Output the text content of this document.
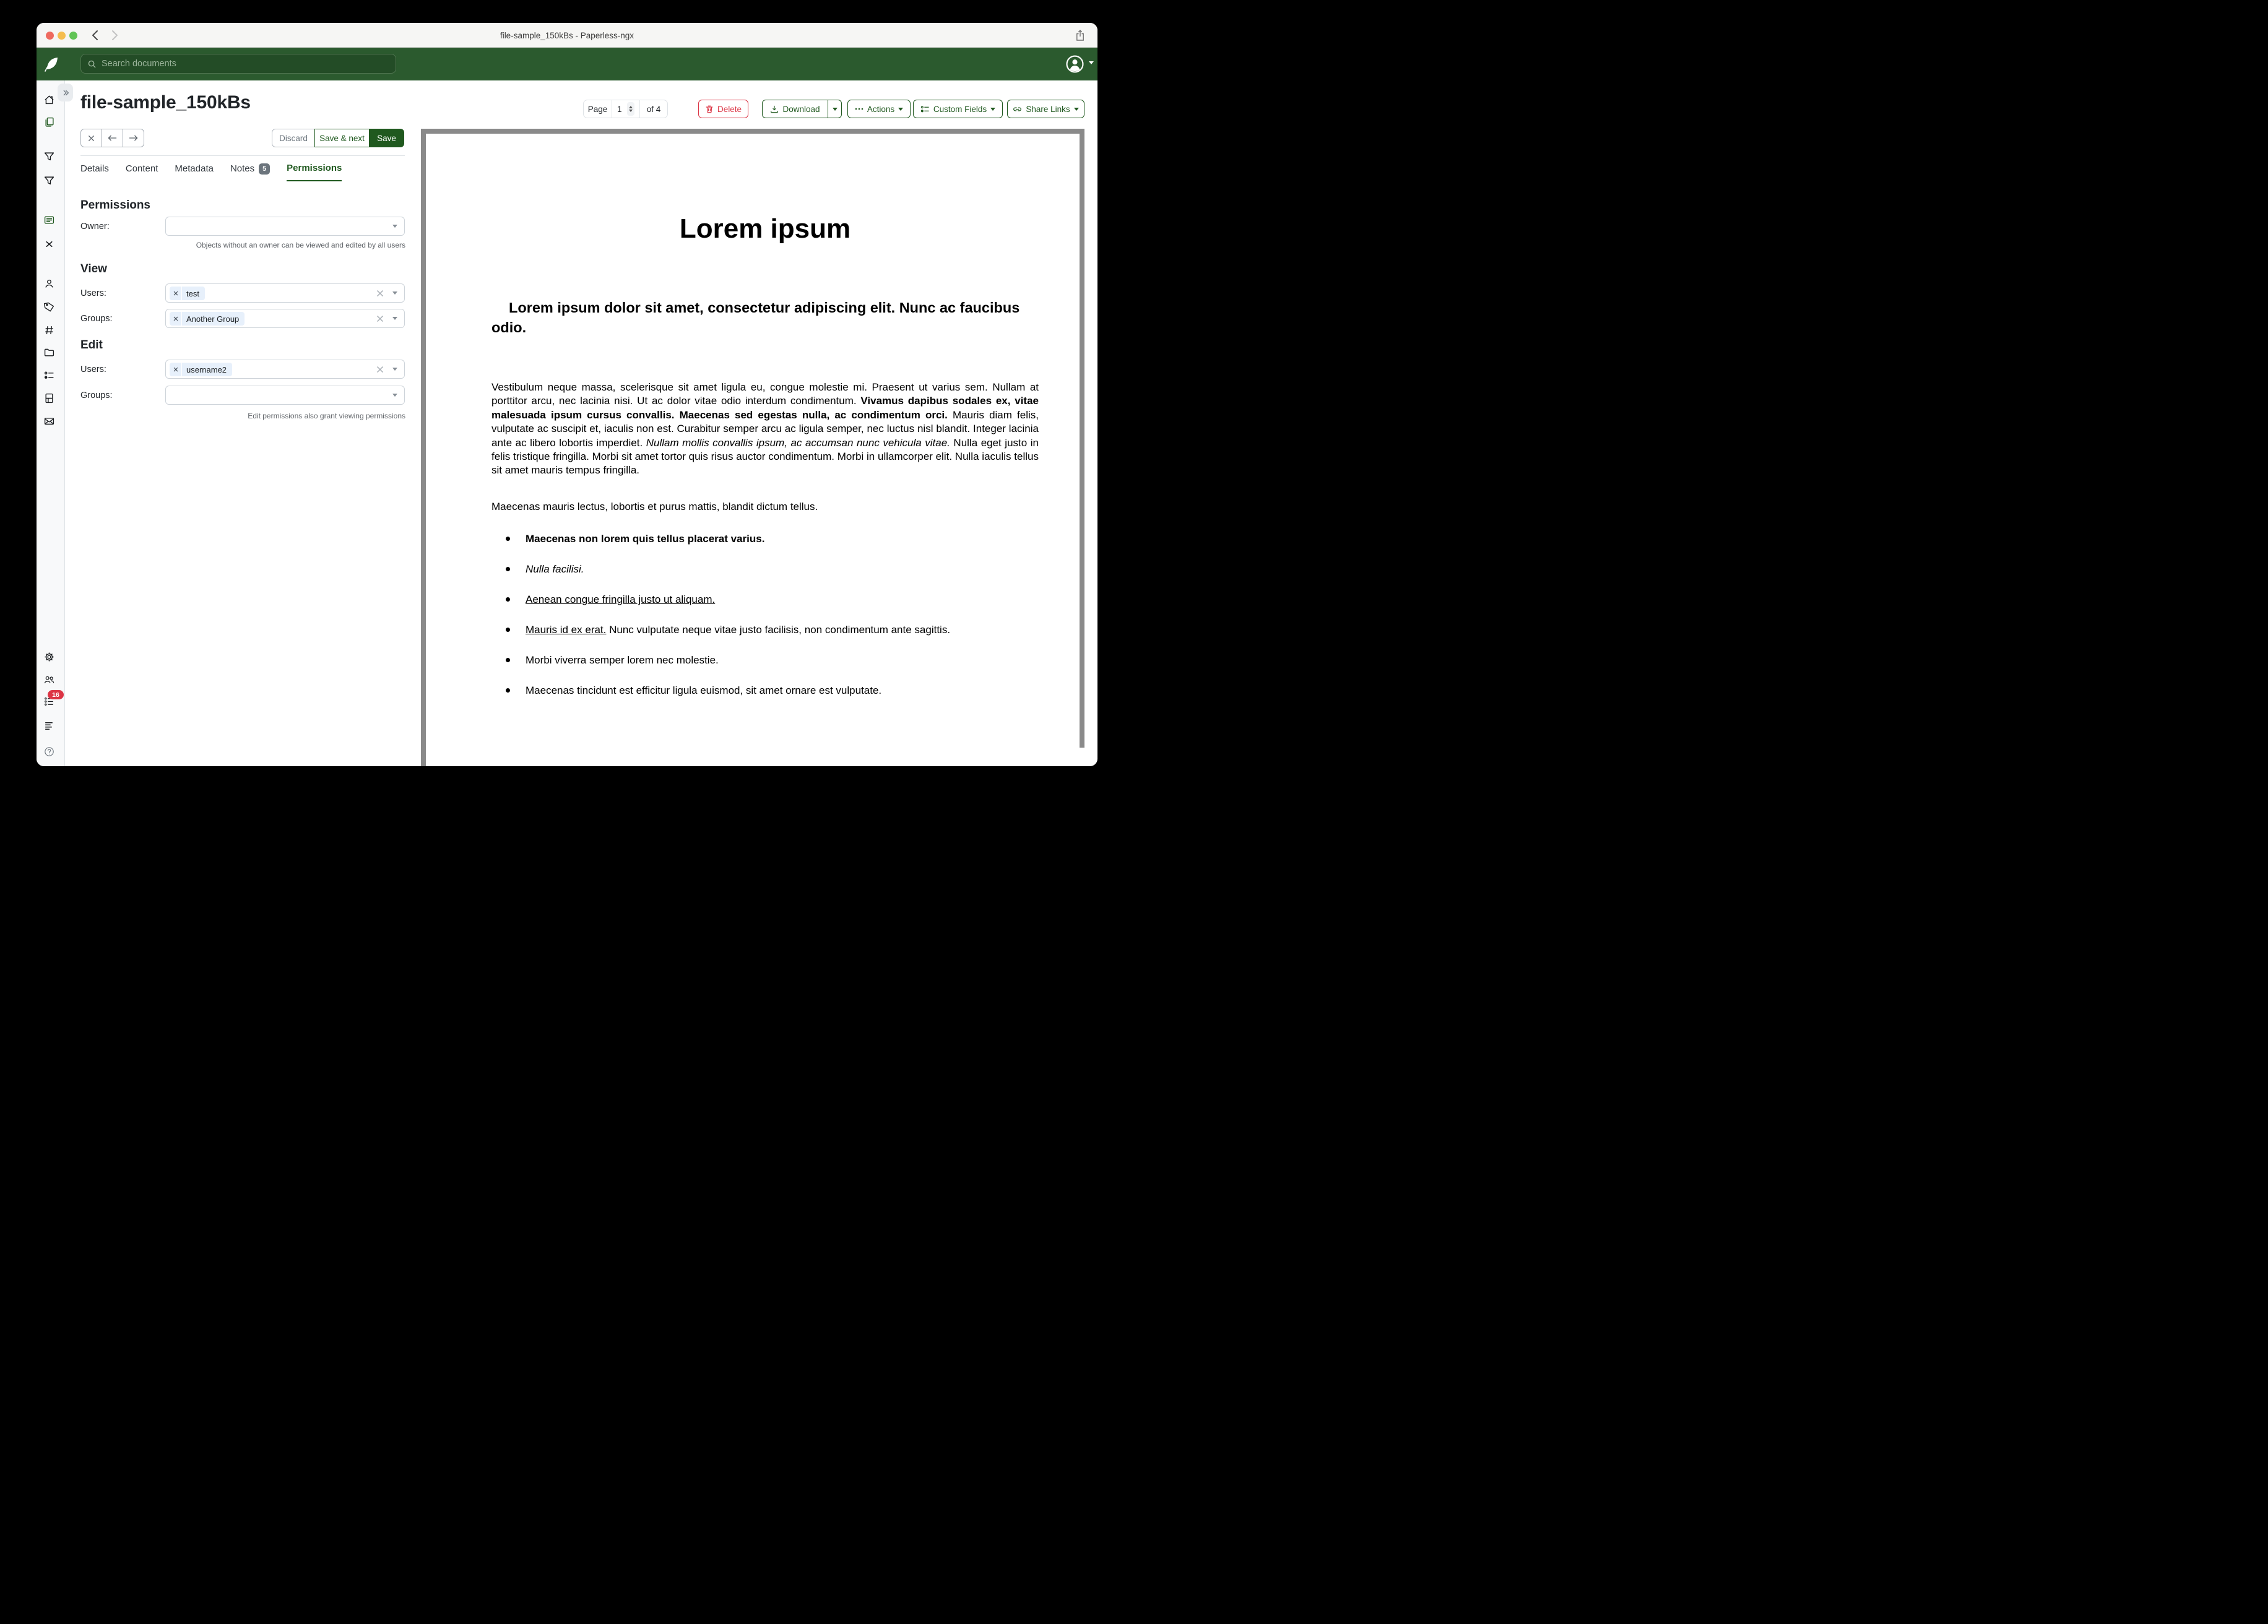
file-sample_150kBs - Paperless-ngx
Search documents
16
file-sample_150kBs	Page
1	of 4	Delete	Download	Actions	Custom Fields	Share Links
Discard Save & next Save
Details Content Metadata Notes	5	Permissions
Permissions
Owner:
Objects without an owner can be viewed and edited by all users
View
Users:	test
Groups:	Another Group
Edit
Users:	username2
Groups:
Edit permissions also grant viewing permissions
Lorem ipsum
Lorem ipsum dolor sit amet, consectetur adipiscing elit. Nunc ac faucibus odio.

Vestibulum neque massa, scelerisque sit amet ligula eu, congue molestie mi. Praesent ut varius sem. Nullam at porttitor arcu, nec lacinia nisi. Ut ac dolor vitae odio interdum condimentum. Vivamus dapibus sodales ex, vitae malesuada ipsum cursus convallis. Maecenas sed egestas nulla, ac condimentum orci. Mauris diam felis, vulputate ac suscipit et, iaculis non est. Curabitur semper arcu ac ligula semper, nec luctus nisl blandit. Integer lacinia ante ac libero lobortis imperdiet. Nullam mollis convallis ipsum, ac accumsan nunc vehicula vitae. Nulla eget justo in felis tristique fringilla. Morbi sit amet tortor quis risus auctor condimentum. Morbi in ullamcorper elit. Nulla iaculis tellus sit amet mauris tempus fringilla.

Maecenas mauris lectus, lobortis et purus mattis, blandit dictum tellus.

Maecenas non lorem quis tellus placerat varius.
Nulla facilisi.
Aenean congue fringilla justo ut aliquam.
Mauris id ex erat. Nunc vulputate neque vitae justo facilisis, non condimentum ante sagittis.
Morbi viverra semper lorem nec molestie.
Maecenas tincidunt est efficitur ligula euismod, sit amet ornare est vulputate.
